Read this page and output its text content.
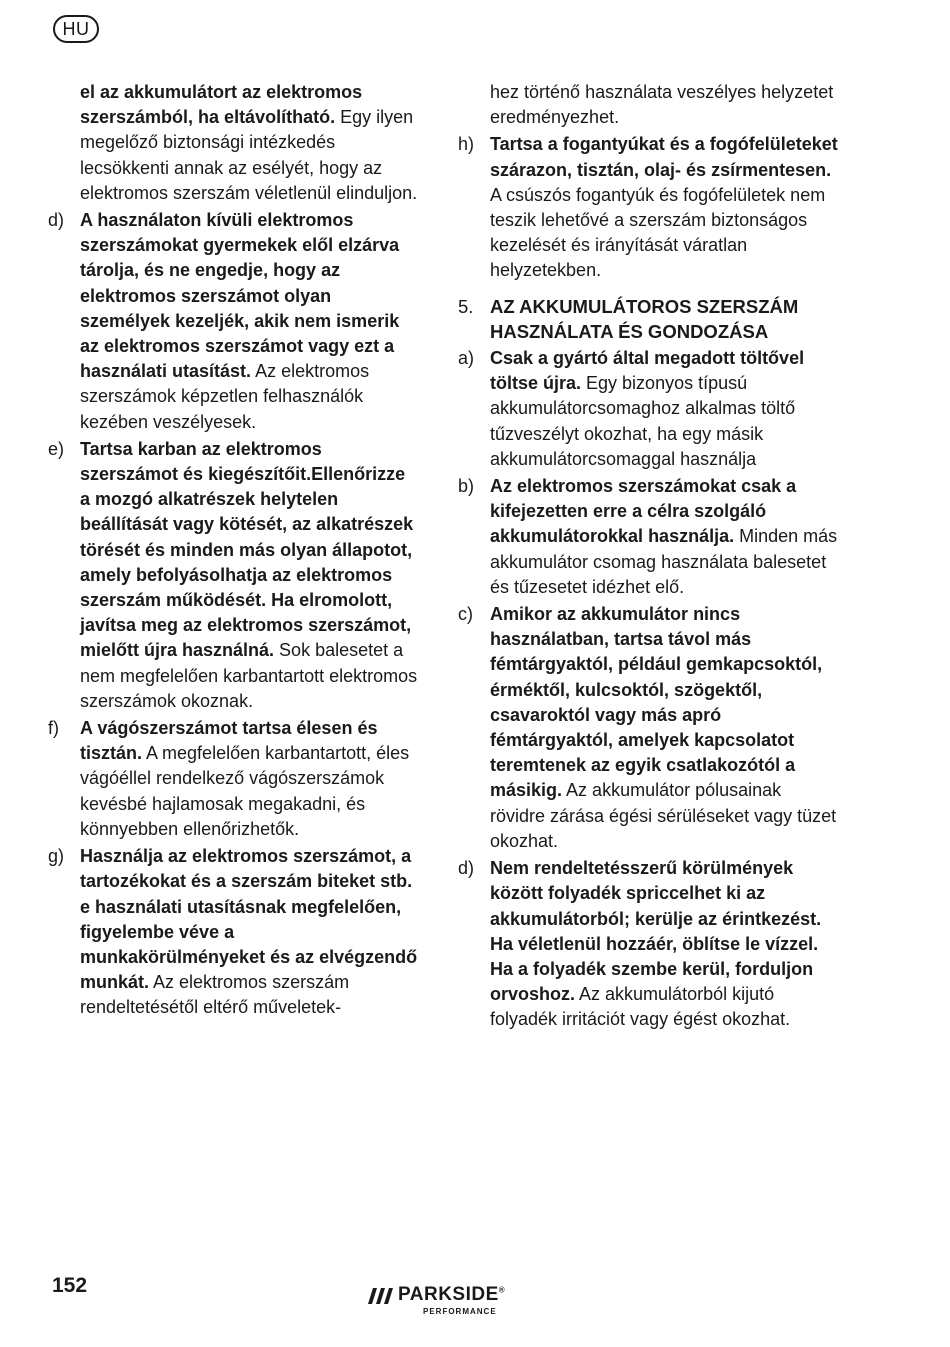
HU

el az akkumulátort az elektromos szerszámból, ha eltávolítható. Egy ilyen megelőző biztonsági intézkedés lecsökkenti annak az esélyét, hogy az elektromos szerszám véletlenül elinduljon.

d) A használaton kívüli elektromos szerszámokat gyermekek elől elzárva tárolja, és ne engedje, hogy az elektromos szerszámot olyan személyek kezeljék, akik nem ismerik az elektromos szerszámot vagy ezt a használati utasítást. Az elektromos szerszámok képzetlen felhasználók kezében veszélyesek.

e) Tartsa karban az elektromos szerszámot és kiegészítőit.Ellenőrizze a mozgó alkatrészek helytelen beállítását vagy kötését, az alkatrészek törését és minden más olyan állapotot, amely befolyásolhatja az elektromos szerszám működését. Ha elromolott, javítsa meg az elektromos szerszámot, mielőtt újra használná. Sok balesetet a nem megfelelően karbantartott elektromos szerszámok okoznak.

f) A vágószerszámot tartsa élesen és tisztán. A megfelelően karbantartott, éles vágóéllel rendelkező vágószerszámok kevésbé hajlamosak megakadni, és könnyebben ellenőrizhetők.

g) Használja az elektromos szerszámot, a tartozékokat és a szerszám biteket stb. e használati utasításnak megfelelően, figyelembe véve a munkakörülményeket és az elvégzendő munkát. Az elektromos szerszám rendeltetésétől eltérő műveletek-

hez történő használata veszélyes helyzetet eredményezhet.

h) Tartsa a fogantyúkat és a fogófelületeket szárazon, tisztán, olaj- és zsírmentesen. A csúszós fogantyúk és fogófelületek nem teszik lehetővé a szerszám biztonságos kezelését és irányítását váratlan helyzetekben.

5. AZ AKKUMULÁTOROS SZERSZÁM HASZNÁLATA ÉS GONDOZÁSA

a) Csak a gyártó által megadott töltővel töltse újra. Egy bizonyos típusú akkumulátorcsomaghoz alkalmas töltő tűzveszélyt okozhat, ha egy másik akkumulátorcsomaggal használja

b) Az elektromos szerszámokat csak a kifejezetten erre a célra szolgáló akkumulátorokkal használja. Minden más akkumulátor csomag használata balesetet és tűzesetet idézhet elő.

c) Amikor az akkumulátor nincs használatban, tartsa távol más fémtárgyaktól, például gemkapcsoktól, érméktől, kulcsoktól, szögektől, csavaroktól vagy más apró fémtárgyaktól, amelyek kapcsolatot teremtenek az egyik csatlakozótól a másikig. Az akkumulátor pólusainak rövidre zárása égési sérüléseket vagy tüzet okozhat.

d) Nem rendeltetésszerű körülmények között folyadék spriccelhet ki az akkumulátorból; kerülje az érintkezést. Ha véletlenül hozzáér, öblítse le vízzel. Ha a folyadék szembe kerül, forduljon orvoshoz. Az akkumulátorból kijutó folyadék irritációt vagy égést okozhat.

152	PARKSIDE®
PERFORMANCE
